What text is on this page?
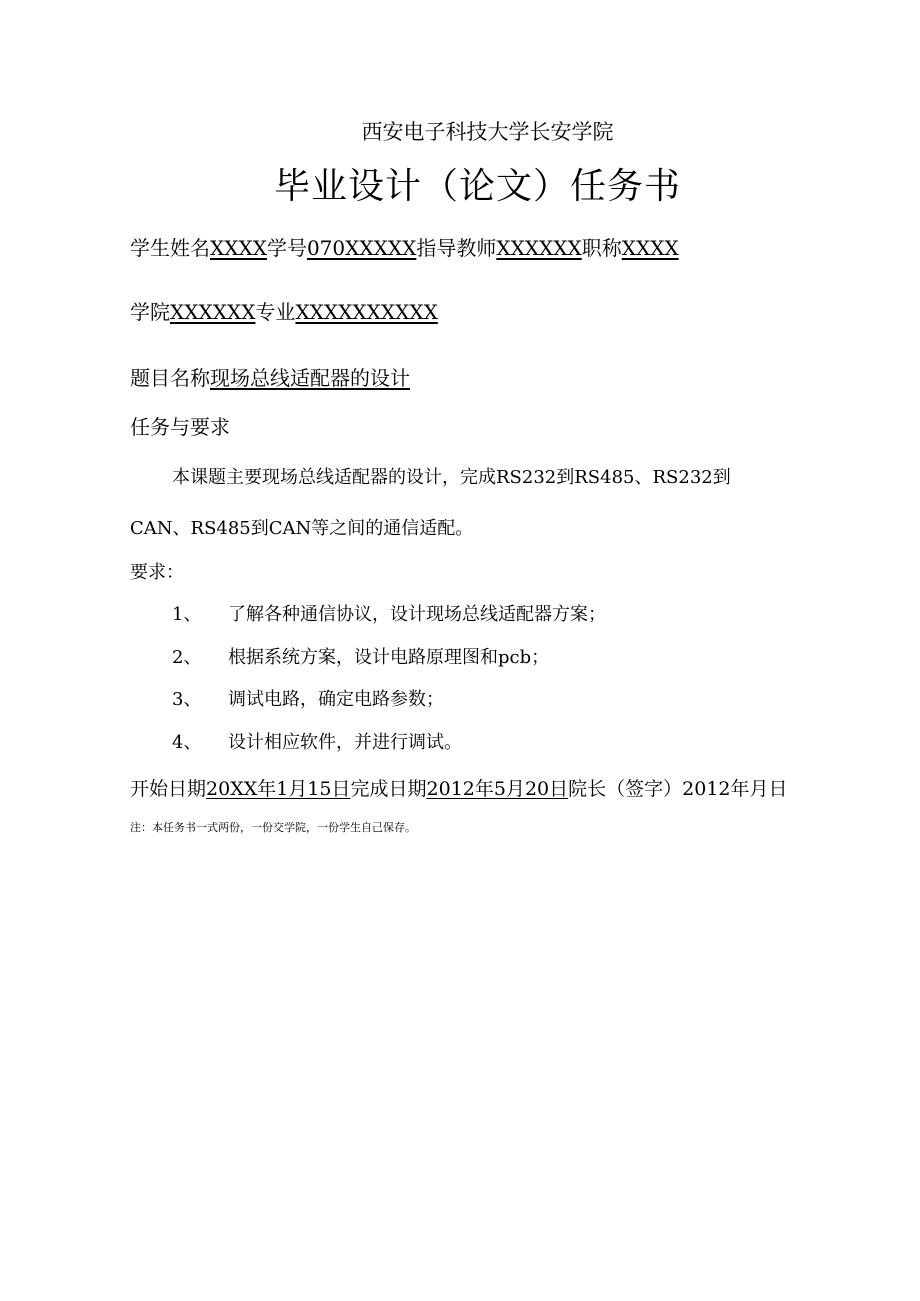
西安电子科技大学长安学院
毕业设计（论文）任务书
学生姓名XXXX学号070XXXXX指导教师XXXXXX职称XXXX
学院XXXXXX专业XXXXXXXXXX
题目名称现场总线适配器的设计
任务与要求
本课题主要现场总线适配器的设计，完成RS232到RS485、RS232到
CAN、RS485到CAN等之间的通信适配。
要求：
1、 了解各种通信协议，设计现场总线适配器方案；
2、 根据系统方案，设计电路原理图和pcb；
3、 调试电路，确定电路参数；
4、 设计相应软件，并进行调试。
开始日期20XX年1月15日完成日期2012年5月20日院长（签字）2012年月日
注：本任务书一式两份，一份交学院，一份学生自己保存。
